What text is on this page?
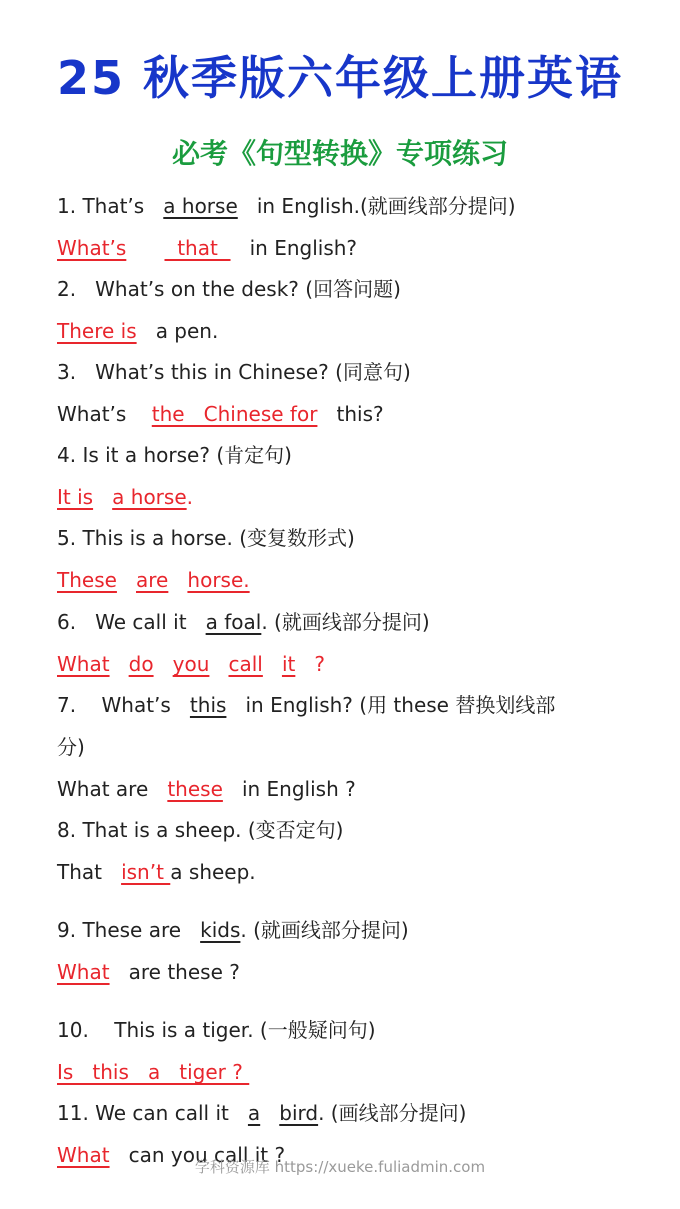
25 秋季版六年级上册英语
必考《句型转换》专项练习
1. That’s   a horse   in English.(就画线部分提问)
What’s        that     in English?
2.   What’s on the desk? (回答问题)
There is   a pen.
3.   What’s this in Chinese? (同意句)
What’s    the   Chinese for   this?
4. Is it a horse? (肯定句)
It is a horse.
5. This is a horse. (变复数形式)
These are horse.
6.   We call it   a foal. (就画线部分提问)
What do you call it ?
7.    What’s   this   in English? (用 these 替换划线部
分)
What are   these   in English ?
8. That is a sheep. (变否定句)
That   isn’t a sheep.
9. These are   kids. (就画线部分提问)
What   are these ?
10.    This is a tiger. (一般疑问句)
Is   this   a   tiger ?
11. We can call it   a bird. (画线部分提问)
What   can you call it ?
学科资源库 https://xueke.fuliadmin.com
